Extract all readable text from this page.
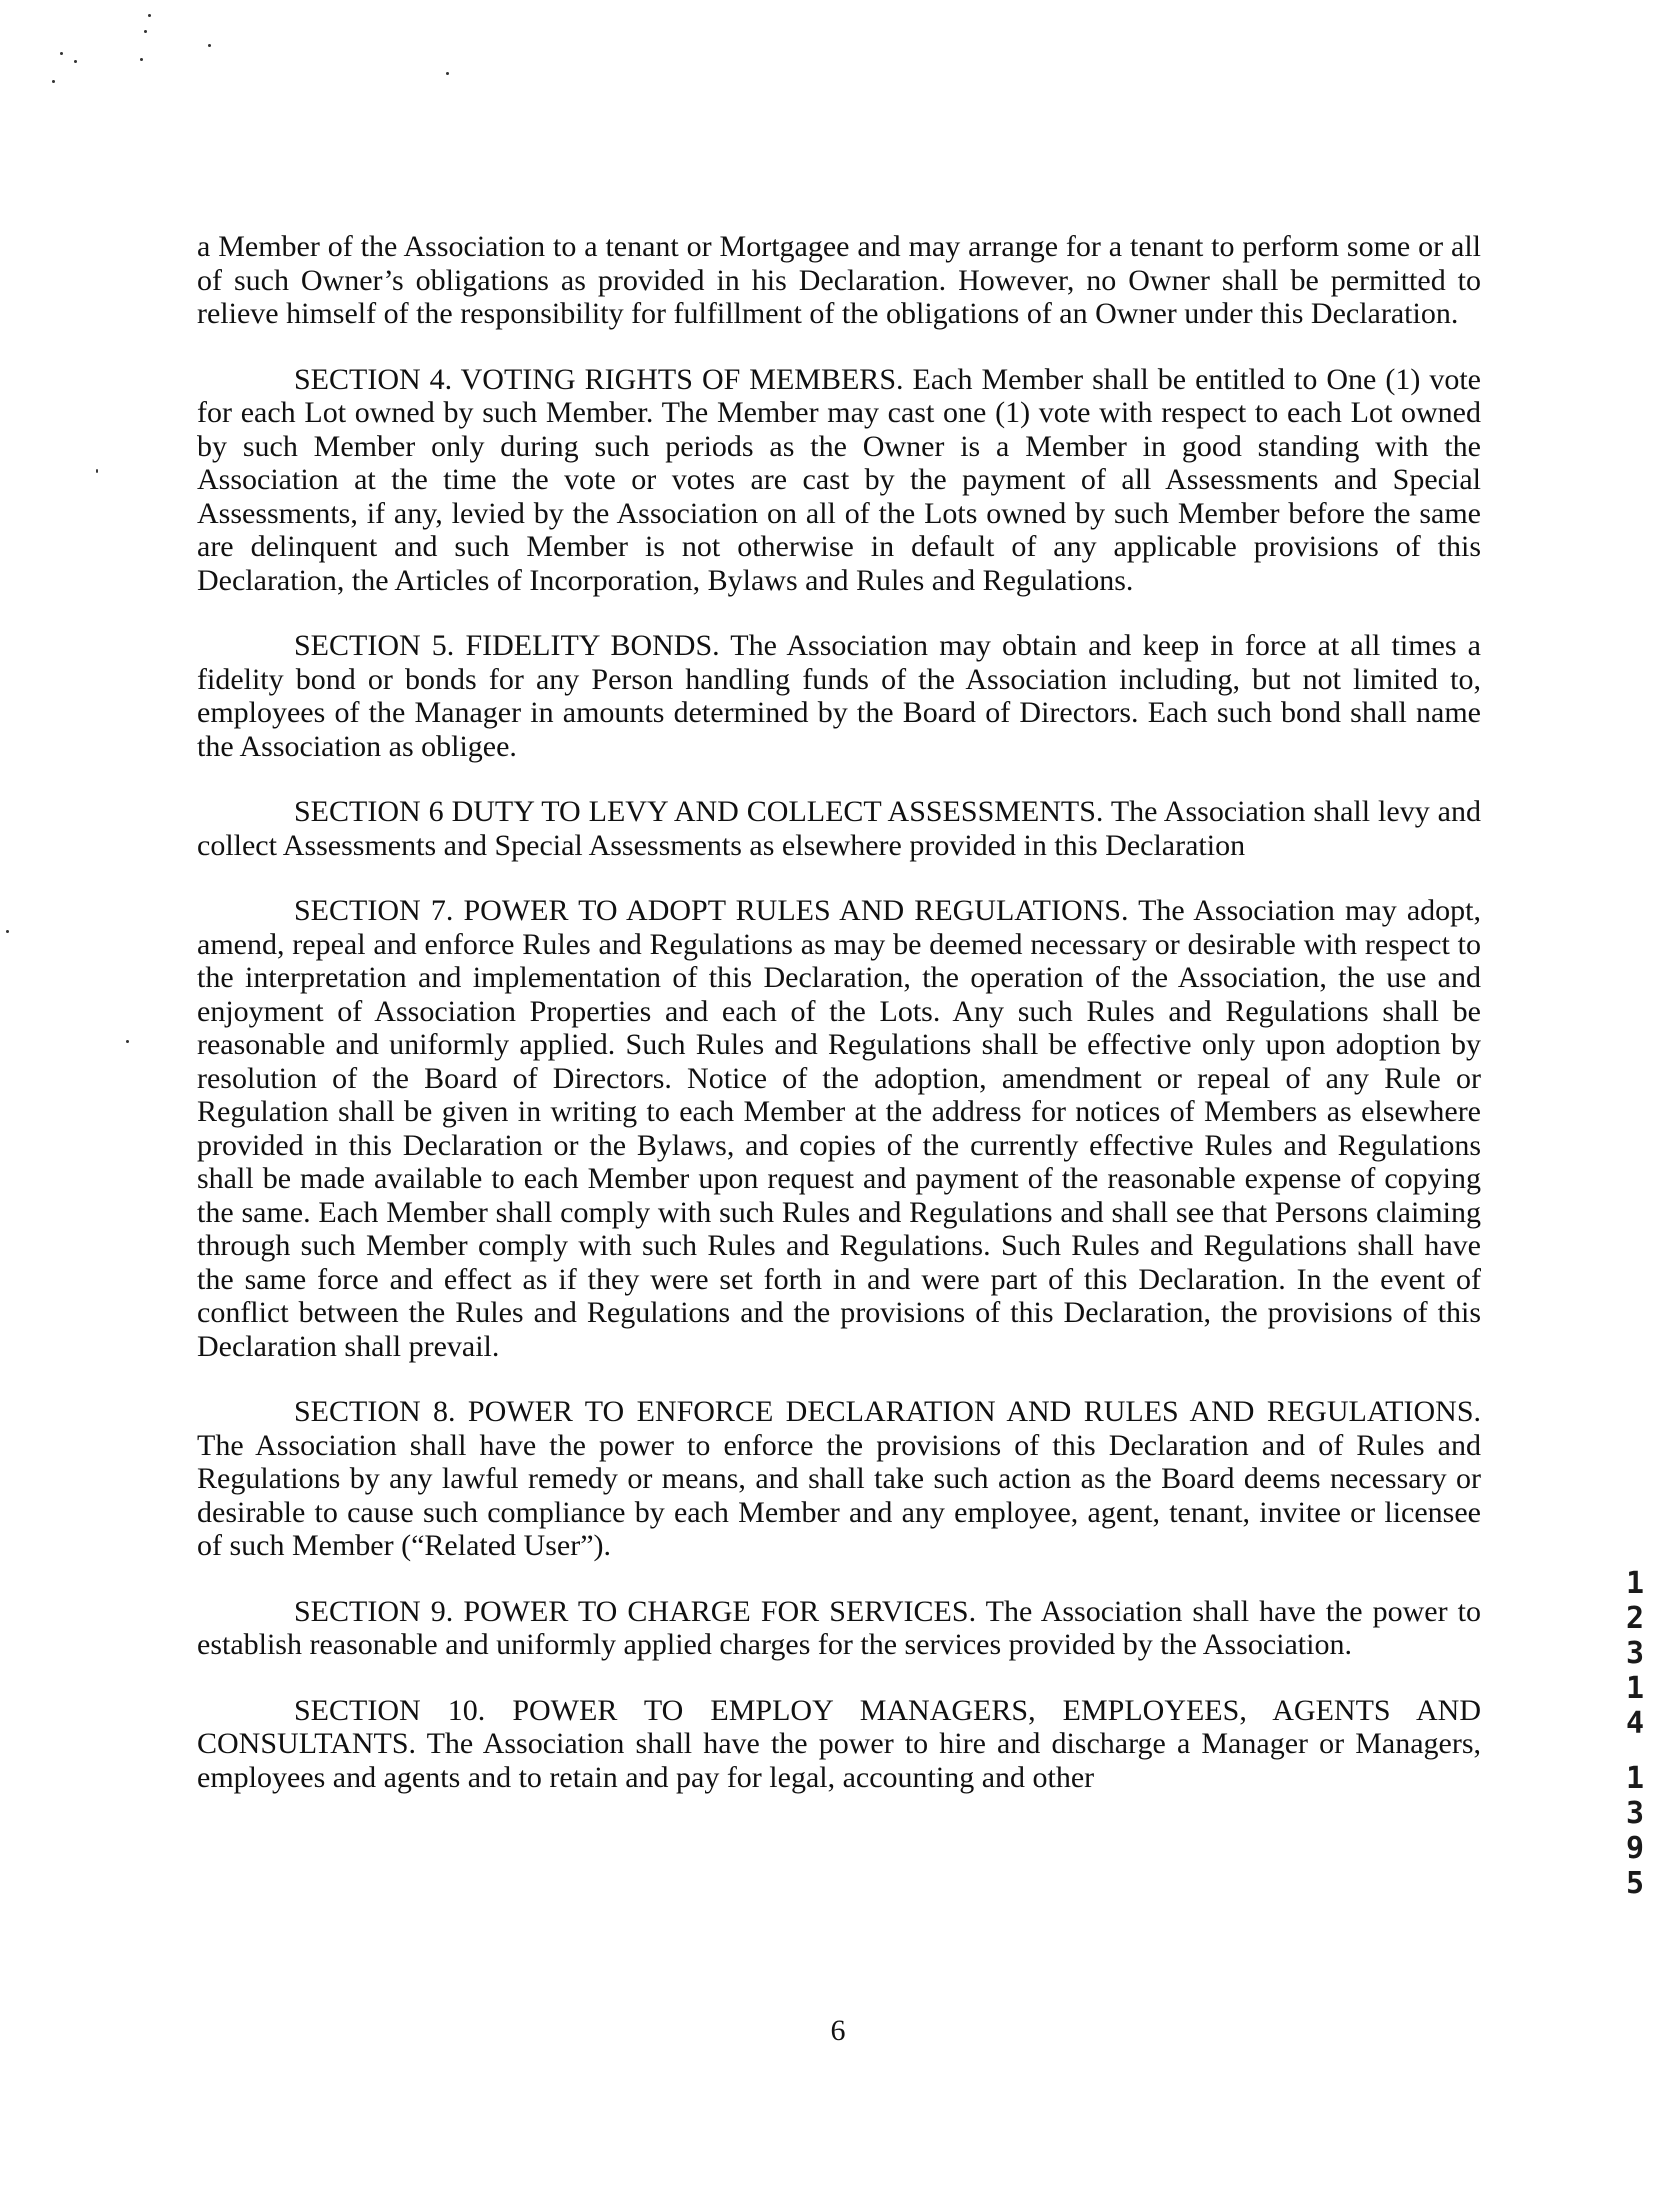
a Member of the Association to a tenant or Mortgagee and may arrange for a tenant to perform some or all of such Owner’s obligations as provided in his Declaration. However, no Owner shall be permitted to relieve himself of the responsibility for fulfillment of the obligations of an Owner under this Declaration.

SECTION 4. VOTING RIGHTS OF MEMBERS. Each Member shall be entitled to One (1) vote for each Lot owned by such Member. The Member may cast one (1) vote with respect to each Lot owned by such Member only during such periods as the Owner is a Member in good standing with the Association at the time the vote or votes are cast by the payment of all Assessments and Special Assessments, if any, levied by the Association on all of the Lots owned by such Member before the same are delinquent and such Member is not otherwise in default of any applicable provisions of this Declaration, the Articles of Incorporation, Bylaws and Rules and Regulations.

SECTION 5. FIDELITY BONDS. The Association may obtain and keep in force at all times a fidelity bond or bonds for any Person handling funds of the Association including, but not limited to, employees of the Manager in amounts determined by the Board of Directors. Each such bond shall name the Association as obligee.

SECTION 6 DUTY TO LEVY AND COLLECT ASSESSMENTS. The Association shall levy and collect Assessments and Special Assessments as elsewhere provided in this Declaration

SECTION 7. POWER TO ADOPT RULES AND REGULATIONS. The Association may adopt, amend, repeal and enforce Rules and Regulations as may be deemed necessary or desirable with respect to the interpretation and implementation of this Declaration, the operation of the Association, the use and enjoyment of Association Properties and each of the Lots. Any such Rules and Regulations shall be reasonable and uniformly applied. Such Rules and Regulations shall be effective only upon adoption by resolution of the Board of Directors. Notice of the adoption, amendment or repeal of any Rule or Regulation shall be given in writing to each Member at the address for notices of Members as elsewhere provided in this Declaration or the Bylaws, and copies of the currently effective Rules and Regulations shall be made available to each Member upon request and payment of the reasonable expense of copying the same. Each Member shall comply with such Rules and Regulations and shall see that Persons claiming through such Member comply with such Rules and Regulations. Such Rules and Regulations shall have the same force and effect as if they were set forth in and were part of this Declaration. In the event of conflict between the Rules and Regulations and the provisions of this Declaration, the provisions of this Declaration shall prevail.

SECTION 8. POWER TO ENFORCE DECLARATION AND RULES AND REGULATIONS. The Association shall have the power to enforce the provisions of this Declaration and of Rules and Regulations by any lawful remedy or means, and shall take such action as the Board deems necessary or desirable to cause such compliance by each Member and any employee, agent, tenant, invitee or licensee of such Member (“Related User”).

SECTION 9. POWER TO CHARGE FOR SERVICES. The Association shall have the power to establish reasonable and uniformly applied charges for the services provided by the Association.

SECTION 10. POWER TO EMPLOY MANAGERS, EMPLOYEES, AGENTS AND CONSULTANTS. The Association shall have the power to hire and discharge a Manager or Managers, employees and agents and to retain and pay for legal, accounting and other

1
2
3
1
4
1
3
9
5
6
